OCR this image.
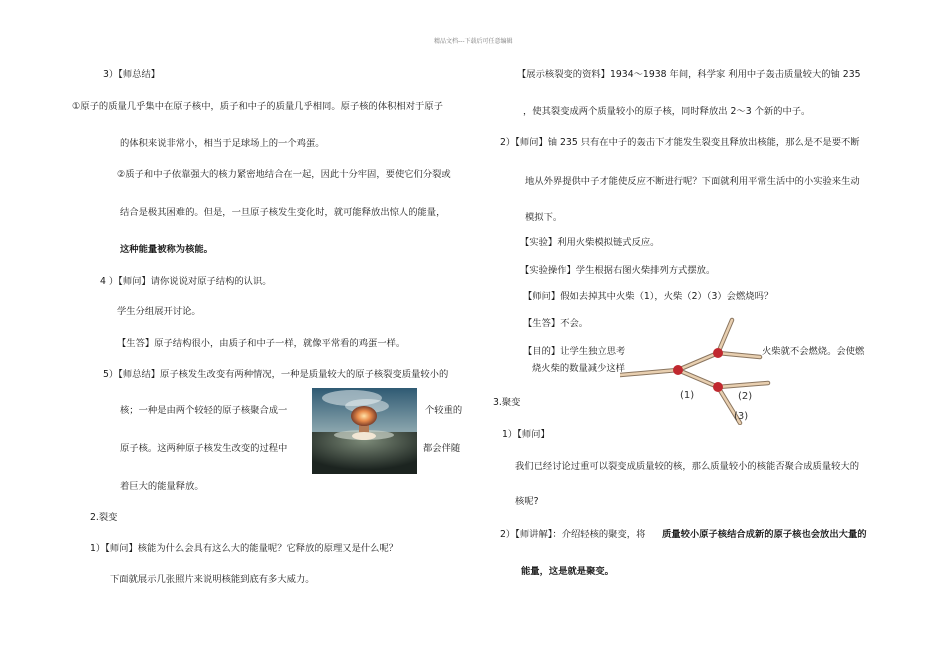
精品文档---下载后可任意编辑
3）【师总结】
①原子的质量几乎集中在原子核中，质子和中子的质量几乎相同。原子核的体积相对于原子
的体积来说非常小，相当于足球场上的一个鸡蛋。
②质子和中子依靠强大的核力紧密地结合在一起，因此十分牢固，要使它们分裂或
结合是极其困难的。但是，一旦原子核发生变化时，就可能释放出惊人的能量，
这种能量被称为核能。
4 ）【师问】请你说说对原子结构的认识。
学生分组展开讨论。
【生答】原子结构很小，由质子和中子一样，就像平常看的鸡蛋一样。
5）【师总结】原子核发生改变有两种情况，一种是质量较大的原子核裂变质量较小的
核；一种是由两个较轻的原子核聚合成一	个较重的
原子核。这两种原子核发生改变的过程中	都会伴随
着巨大的能量释放。
2.裂变
1）【师问】核能为什么会具有这么大的能量呢？它释放的原理又是什么呢？
下面就展示几张照片来说明核能到底有多大威力。
【展示核裂变的资料】1934～1938 年间，科学家 利用中子轰击质量较大的铀 235
，使其裂变成两个质量较小的原子核，同时释放出 2～3 个新的中子。
2）【师问】铀 235 只有在中子的轰击下才能发生裂变且释放出核能，那么是不是要不断
地从外界提供中子才能使反应不断进行呢？下面就利用平常生活中的小实验来生动
模拟下。
【实验】利用火柴模拟链式反应。
【实验操作】学生根据右图火柴排列方式摆放。
【师问】假如去掉其中火柴（1），火柴（2）（3）会燃烧吗？
【生答】不会。
【目的】让学生独立思考	火柴就不会燃烧。会使燃
烧火柴的数量减少这样
3.聚变
1）【师问】
我们已经讨论过重可以裂变成质量较的核，那么质量较小的核能否聚合成质量较大的
核呢?
2）【师讲解】：介绍轻核的聚变，将 质量较小原子核结合成新的原子核也会放出大量的
能量，这是就是聚变。
(1)	(2)
(3)
